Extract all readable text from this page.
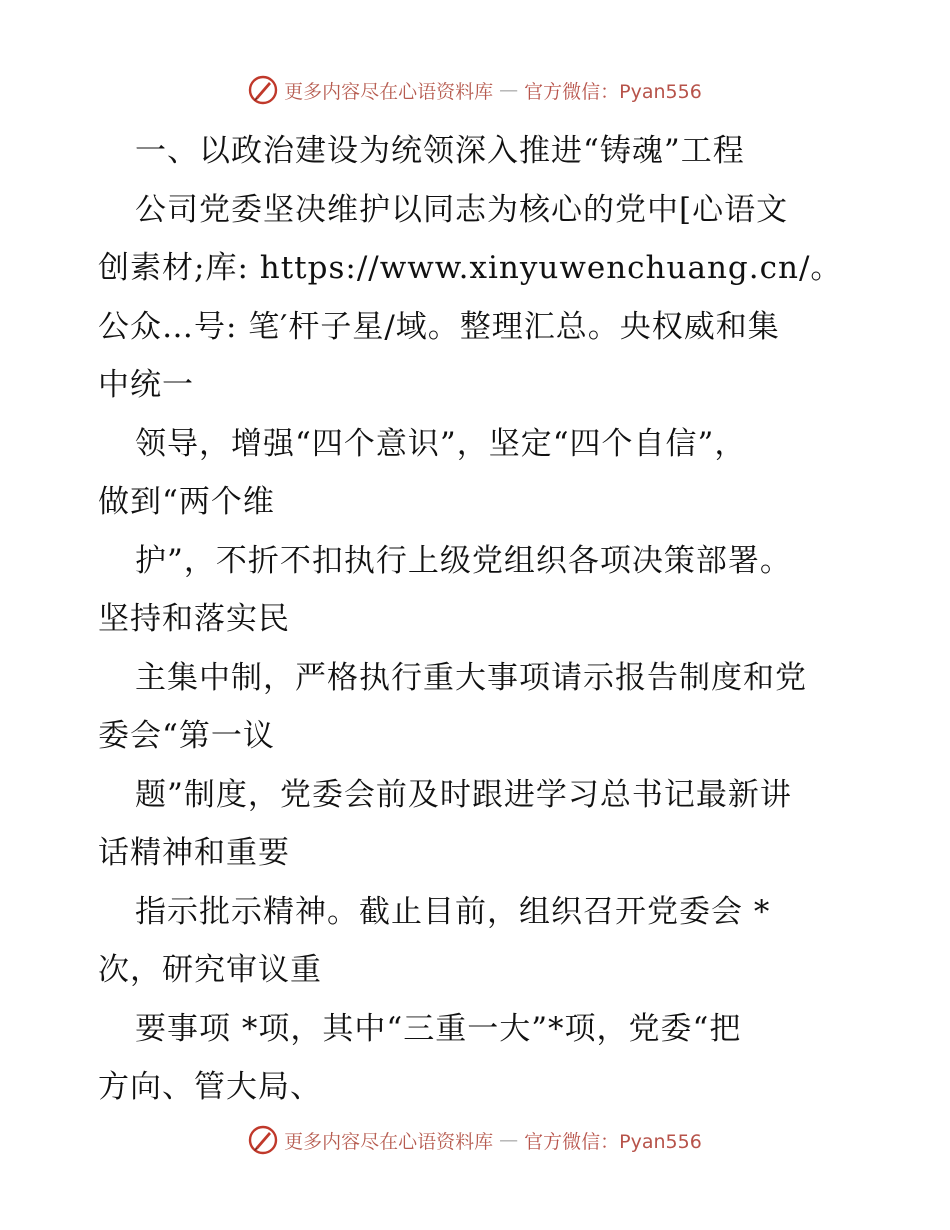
更多内容尽在心语资料库 — 官方微信：Pyan556
一、以政治建设为统领深入推进“铸魂”工程
公司党委坚决维护以同志为核心的党中[心语文
创素材;库: https://www.xinyuwenchuang.cn/。
公众…号: 笔′杆子星/域。整理汇总。央权威和集
中统一
领导，增强“四个意识”，坚定“四个自信”，
做到“两个维
护”，不折不扣执行上级党组织各项决策部署。
坚持和落实民
主集中制，严格执行重大事项请示报告制度和党
委会“第一议
题”制度，党委会前及时跟进学习总书记最新讲
话精神和重要
指示批示精神。截止目前，组织召开党委会 *
次，研究审议重
要事项 *项，其中“三重一大”*项，党委“把
方向、管大局、
更多内容尽在心语资料库 — 官方微信：Pyan556
